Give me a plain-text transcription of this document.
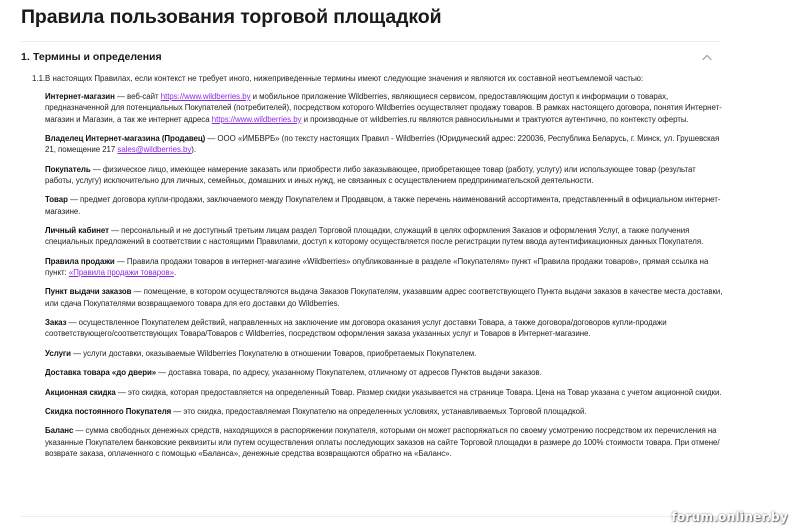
Правила пользования торговой площадкой
1. Термины и определения
1.1. В настоящих Правилах, если контекст не требует иного, нижеприведенные термины имеют следующие значения и являются их составной неотъемлемой частью:
Интернет-магазин — веб-сайт https://www.wildberries.by и мобильное приложение Wildberries, являющиеся сервисом, предоставляющим доступ к информации о товарах, предназначенной для потенциальных Покупателей (потребителей), посредством которого Wildberries осуществляет продажу товаров. В рамках настоящего договора, понятия Интернет-магазин и Магазин, а так же интернет адреса https://www.wildberries.by и производные от wildberries.ru являются равносильными и трактуются аутентично, по контексту оферты.
Владелец Интернет-магазина (Продавец) — ООО «ИМБВРБ» (по тексту настоящих Правил - Wildberries (Юридический адрес: 220036, Республика Беларусь, г. Минск, ул. Грушевская 21, помещение 217 sales@wildberries.by).
Покупатель — физическое лицо, имеющее намерение заказать или приобрести либо заказывающее, приобретающее товар (работу, услугу) или использующее товар (результат работы, услугу) исключительно для личных, семейных, домашних и иных нужд, не связанных с осуществлением предпринимательской деятельности.
Товар — предмет договора купли-продажи, заключаемого между Покупателем и Продавцом, а также перечень наименований ассортимента, представленный в официальном интернет-магазине.
Личный кабинет — персональный и не доступный третьим лицам раздел Торговой площадки, служащий в целях оформления Заказов и оформления Услуг, а также получения специальных предложений в соответствии с настоящими Правилами, доступ к которому осуществляется после регистрации путем ввода аутентификационных данных Покупателя.
Правила продажи — Правила продажи товаров в интернет-магазине «Wildberries» опубликованные в разделе «Покупателям» пункт «Правила продажи товаров», прямая ссылка на пункт: «Правила продажи товаров».
Пункт выдачи заказов — помещение, в котором осуществляются выдача Заказов Покупателям, указавшим адрес соответствующего Пункта выдачи заказов в качестве места доставки, или сдача Покупателями возвращаемого товара для его доставки до Wildberries.
Заказ — осуществленное Покупателем действий, направленных на заключение им договора оказания услуг доставки Товара, а также договора/договоров купли-продажи соответствующего/соответствующих Товара/Товаров с Wildberries, посредством оформления заказа указанных услуг и Товаров в Интернет-магазине.
Услуги — услуги доставки, оказываемые Wildberries Покупателю в отношении Товаров, приобретаемых Покупателем.
Доставка товара «до двери» — доставка товара, по адресу, указанному Покупателем, отличному от адресов Пунктов выдачи заказов.
Акционная скидка — это скидка, которая предоставляется на определенный Товар. Размер скидки указывается на странице Товара. Цена на Товар указана с учетом акционной скидки.
Скидка постоянного Покупателя — это скидка, предоставляемая Покупателю на определенных условиях, устанавливаемых Торговой площадкой.
Баланс — сумма свободных денежных средств, находящихся в распоряжении покупателя, которыми он может распоряжаться по своему усмотрению посредством их перечисления на указанные Покупателем банковские реквизиты или путем осуществления оплаты последующих заказов на сайте Торговой площадки в размере до 100% стоимости товара. При отмене/возврате заказа, оплаченного с помощью «Баланса», денежные средства возвращаются обратно на «Баланс».
forum.onliner.by
